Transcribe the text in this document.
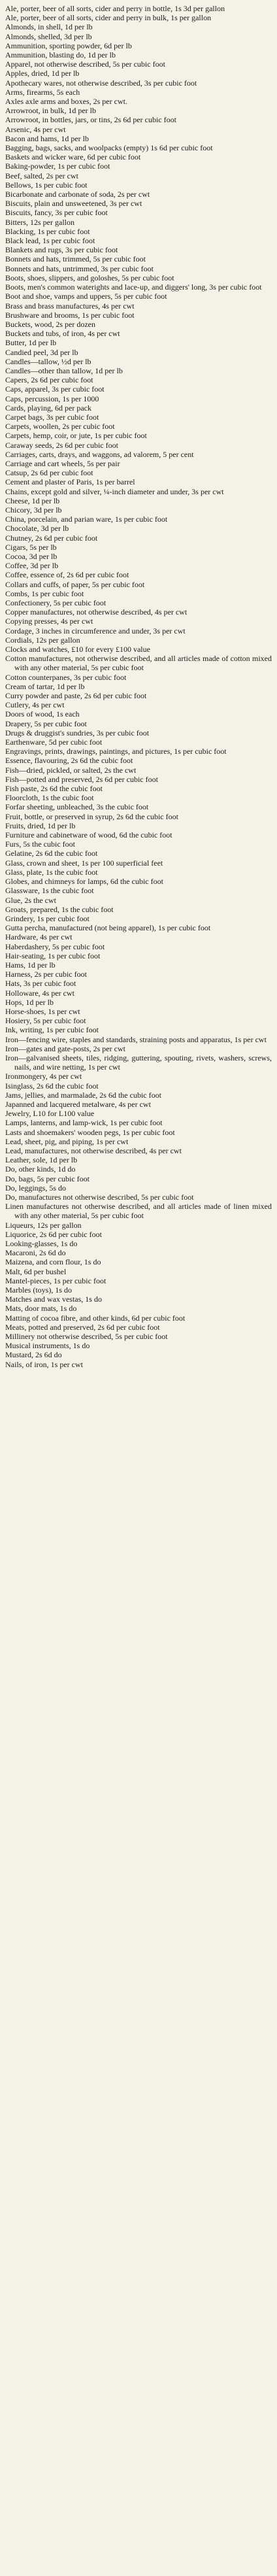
Ale, porter, beer of all sorts, cider and perry in bottle, 1s 3d per gallon

Ale, porter, beer of all sorts, cider and perry in bulk, 1s per gallon

Almonds, in shell, 1d per lb

Almonds, shelled, 3d per lb

Ammunition, sporting powder, 6d per lb

Ammunition, blasting do, 1d per lb

Apparel, not otherwise described, 5s per cubic foot

Apples, dried, 1d per lb

Apothecary wares, not otherwise described, 3s per cubic foot

Arms, firearms, 5s each

Axles axle arms and boxes, 2s per cwt.

Arrowroot, in bulk, 1d per lb

Arrowroot, in bottles, jars, or tins, 2s 6d per cubic foot

Arsenic, 4s per cwt

Bacon and hams, 1d per lb

Bagging, bags, sacks, and woolpacks (empty) 1s 6d per cubic foot

Baskets and wicker ware, 6d per cubic foot

Baking-powder, 1s per cubic foot

Beef, salted, 2s per cwt

Bellows, 1s per cubic foot

Bicarbonate and carbonate of soda, 2s per cwt

Biscuits, plain and unsweetened, 3s per cwt

Biscuits, fancy, 3s per cubic foot

Bitters, 12s per gallon

Blacking, 1s per cubic foot

Black lead, 1s per cubic foot

Blankets and rugs, 3s per cubic foot

Bonnets and hats, trimmed, 5s per cubic foot

Bonnets and hats, untrimmed, 3s per cubic foot

Boots, shoes, slippers, and goloshes, 5s per cubic foot

Boots, men's common waterights and lace-up, and diggers' long, 3s per cubic foot

Boot and shoe, vamps and uppers, 5s per cubic foot

Brass and brass manufactures, 4s per cwt

Brushware and brooms, 1s per cubic foot

Buckets, wood, 2s per dozen

Buckets and tubs, of iron, 4s per cwt

Butter, 1d per lb

Candied peel, 3d per lb

Candles—tallow, ½d per lb

Candles—other than tallow, 1d per lb

Capers, 2s 6d per cubic foot

Caps, apparel, 3s per cubic foot

Caps, percussion, 1s per 1000

Cards, playing, 6d per pack

Carpet bags, 3s per cubic foot

Carpets, woollen, 2s per cubic foot

Carpets, hemp, coir, or jute, 1s per cubic foot

Caraway seeds, 2s 6d per cubic foot

Carriages, carts, drays, and waggons, ad valorem, 5 per cent

Carriage and cart wheels, 5s per pair

Catsup, 2s 6d per cubic foot

Cement and plaster of Paris, 1s per barrel

Chains, except gold and silver, ¼-inch diameter and under, 3s per cwt

Cheese, 1d per lb

Chicory, 3d per lb

China, porcelain, and parian ware, 1s per cubic foot

Chocolate, 3d per lb

Chutney, 2s 6d per cubic foot

Cigars, 5s per lb

Cocoa, 3d per lb

Coffee, 3d per lb

Coffee, essence of, 2s 6d per cubic foot

Collars and cuffs, of paper, 5s per cubic foot

Combs, 1s per cubic foot

Confectionery, 5s per cubic foot

Copper manufactures, not otherwise described, 4s per cwt

Copying presses, 4s per cwt

Cordage, 3 inches in circumference and under, 3s per cwt

Cordials, 12s per gallon

Clocks and watches, £10 for every £100 value

Cotton manufactures, not otherwise described, and all articles made of cotton mixed with any other material, 5s per cubic foot

Cotton counterpanes, 3s per cubic foot

Cream of tartar, 1d per lb

Curry powder and paste, 2s 6d per cubic foot

Cutlery, 4s per cwt

Doors of wood, 1s each

Drapery, 5s per cubic foot

Drugs & druggist's sundries, 3s per cubic foot

Earthenware, 5d per cubic foot

Engravings, prints, drawings, paintings, and pictures, 1s per cubic foot

Essence, flavouring, 2s 6d the cubic foot

Fish—dried, pickled, or salted, 2s the cwt

Fish—potted and preserved, 2s 6d per cubic foot

Fish paste, 2s 6d the cubic foot

Floorcloth, 1s the cubic foot

Forfar sheeting, unbleached, 3s the cubic foot

Fruit, bottle, or preserved in syrup, 2s 6d the cubic foot

Fruits, dried, 1d per lb

Furniture and cabinetware of wood, 6d the cubic foot

Furs, 5s the cubic foot

Gelatine, 2s 6d the cubic foot

Glass, crown and sheet, 1s per 100 superficial feet

Glass, plate, 1s the cubic foot

Globes, and chimneys for lamps, 6d the cubic foot

Glassware, 1s the cubic foot

Glue, 2s the cwt

Groats, prepared, 1s the cubic foot

Grindery, 1s per cubic foot

Gutta percha, manufactured (not being apparel), 1s per cubic foot

Hardware, 4s per cwt

Haberdashery, 5s per cubic foot

Hair-seating, 1s per cubic foot

Hams, 1d per lb

Harness, 2s per cubic foot

Hats, 3s per cubic foot

Holloware, 4s per cwt

Hops, 1d per lb

Horse-shoes, 1s per cwt

Hosiery, 5s per cubic foot

Ink, writing, 1s per cubic foot

Iron—fencing wire, staples and standards, straining posts and apparatus, 1s per cwt

Iron—gates and gate-posts, 2s per cwt

Iron—galvanised sheets, tiles, ridging, guttering, spouting, rivets, washers, screws, nails, and wire netting, 1s per cwt

Ironmongery, 4s per cwt

Isinglass, 2s 6d the cubic foot

Jams, jellies, and marmalade, 2s 6d the cubic foot

Japanned and lacquered metalware, 4s per cwt

Jewelry, L10 for L100 value

Lamps, lanterns, and lamp-wick, 1s per cubic foot

Lasts and shoemakers' wooden pegs, 1s per cubic foot

Lead, sheet, pig, and piping, 1s per cwt

Lead, manufactures, not otherwise described, 4s per cwt

Leather, sole, 1d per lb

Do, other kinds, 1d do

Do, bags, 5s per cubic foot

Do, leggings, 5s do

Do, manufactures not otherwise described, 5s per cubic foot

Linen manufactures not otherwise described, and all articles made of linen mixed with any other material, 5s per cubic foot

Liqueurs, 12s per gallon

Liquorice, 2s 6d per cubic foot

Looking-glasses, 1s do

Macaroni, 2s 6d do

Maizena, and corn flour, 1s do

Malt, 6d per bushel

Mantel-pieces, 1s per cubic foot

Marbles (toys), 1s do

Matches and wax vestas, 1s do

Mats, door mats, 1s do

Matting of cocoa fibre, and other kinds, 6d per cubic foot

Meats, potted and preserved, 2s 6d per cubic foot

Millinery not otherwise described, 5s per cubic foot

Musical instruments, 1s do

Mustard, 2s 6d do

Nails, of iron, 1s per cwt
